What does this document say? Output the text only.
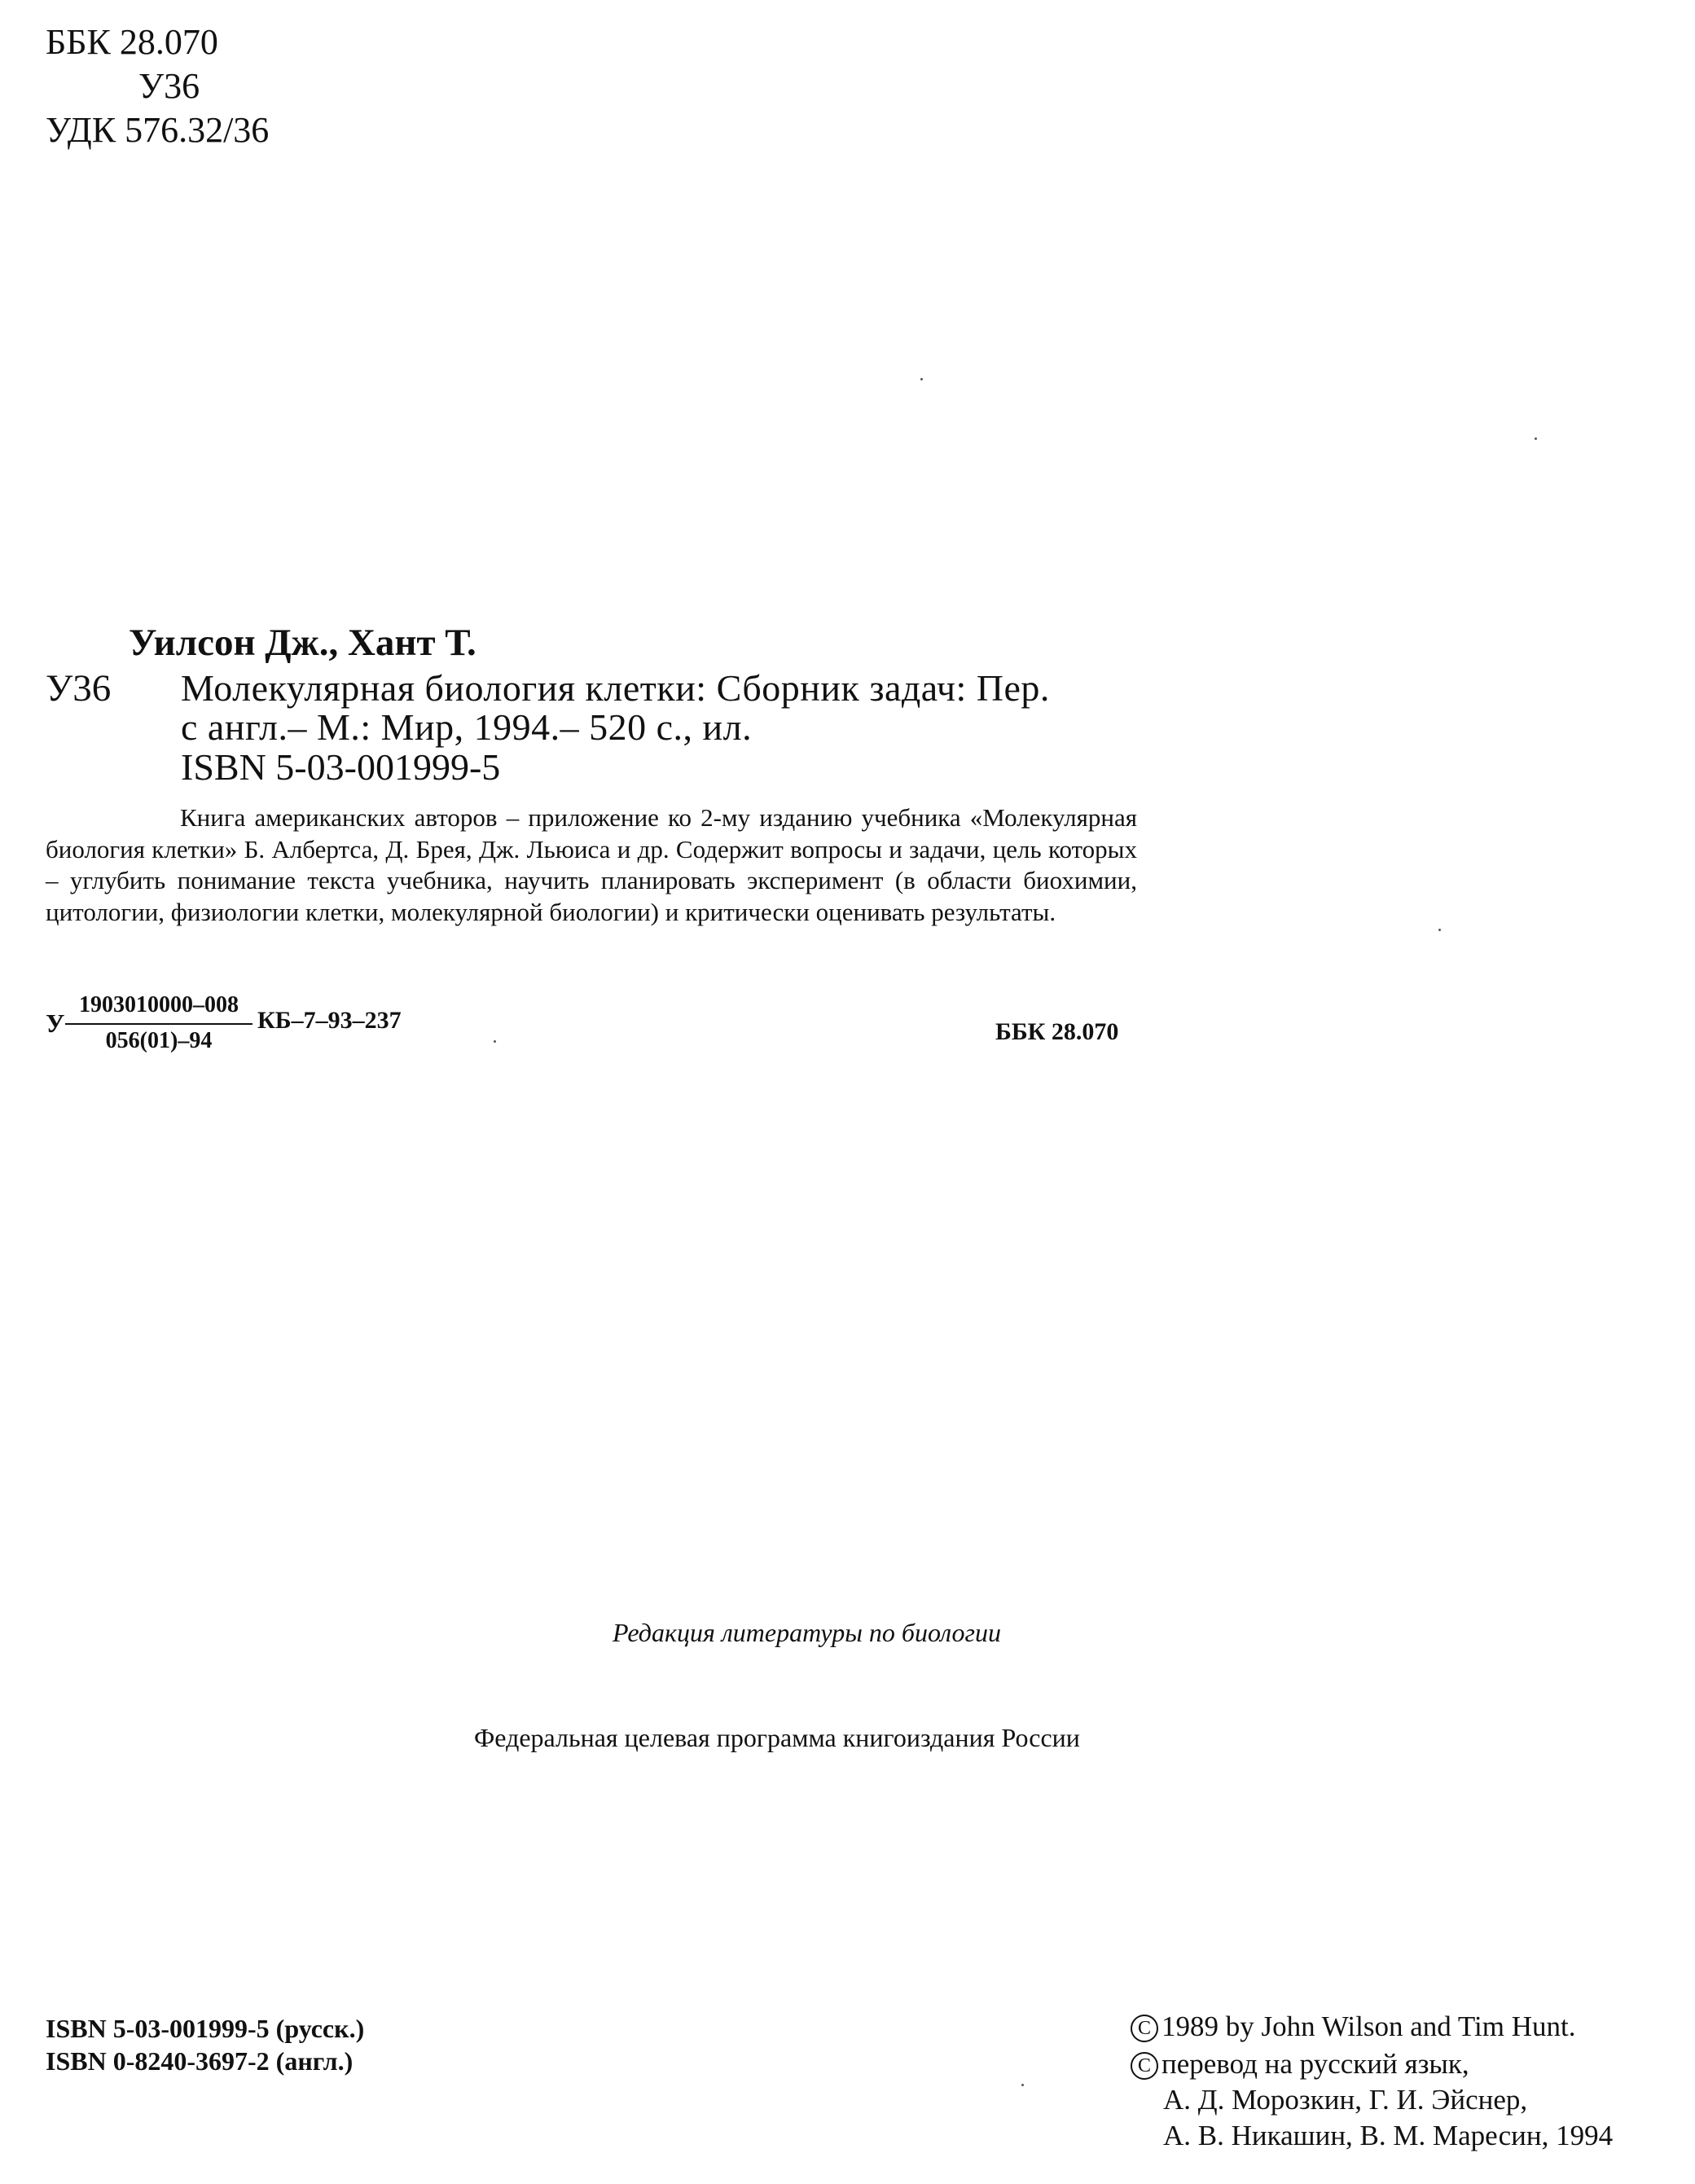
ББК 28.070
У36
УДК 576.32/36
Уилсон Дж., Хант Т.
У36 Молекулярная биология клетки: Сборник задач: Пер.
с англ.– М.: Мир, 1994.– 520 с., ил.
ISBN 5-03-001999-5
Книга американских авторов – приложение ко 2-му изданию учебника «Молекулярная биология клетки» Б. Албертса, Д. Брея, Дж. Льюиса и др. Содержит вопросы и задачи, цель которых – углубить понимание текста учебника, научить планировать эксперимент (в области биохимии, цитологии, физиологии клетки, молекулярной биологии) и критически оценивать результаты.
У
1903010000–008
056(01)–94
КБ–7–93–237	ББК 28.070
Редакция литературы по биологии
Федеральная целевая программа книгоиздания России
ISBN 5-03-001999-5 (русск.)
ISBN 0-8240-3697-2 (англ.)
C 1989 by John Wilson and Tim Hunt.
C перевод на русский язык,
А. Д. Морозкин, Г. И. Эйснер,
А. В. Никашин, В. М. Маресин, 1994
